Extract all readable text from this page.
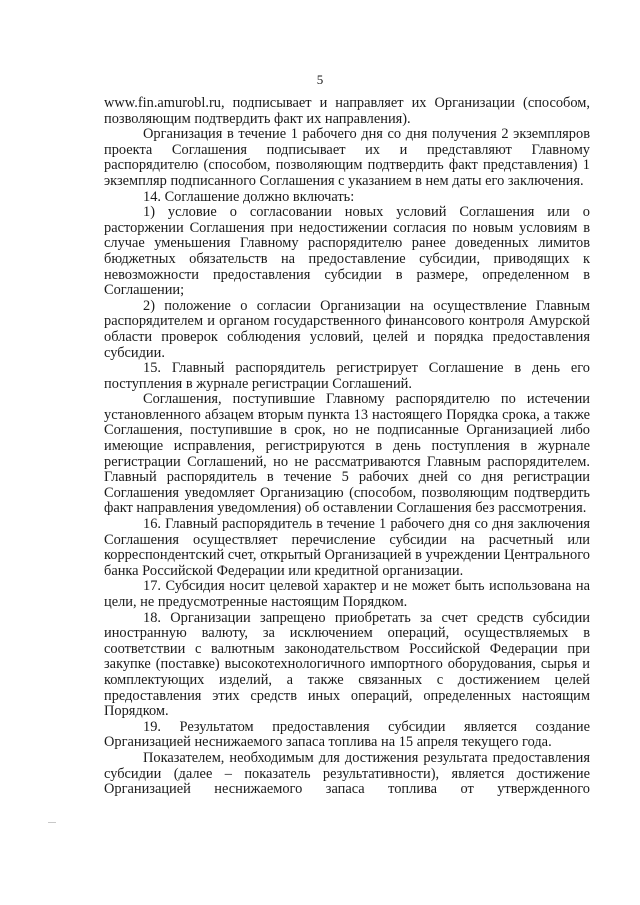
5

www.fin.amurobl.ru, подписывает и направляет их Организации (способом, позволяющим подтвердить факт их направления).

Организация в течение 1 рабочего дня со дня получения 2 экземпляров проекта Соглашения подписывает их и представляют Главному распорядителю (способом, позволяющим подтвердить факт представления) 1 экземпляр подписанного Соглашения с указанием в нем даты его заключения.

14. Соглашение должно включать:

1) условие о согласовании новых условий Соглашения или о расторжении Соглашения при недостижении согласия по новым условиям в случае уменьшения Главному распорядителю ранее доведенных лимитов бюджетных обязательств на предоставление субсидии, приводящих к невозможности предоставления субсидии в размере, определенном в Соглашении;

2) положение о согласии Организации на осуществление Главным распорядителем и органом государственного финансового контроля Амурской области проверок соблюдения условий, целей и порядка предоставления субсидии.

15. Главный распорядитель регистрирует Соглашение в день его поступления в журнале регистрации Соглашений.

Соглашения, поступившие Главному распорядителю по истечении установленного абзацем вторым пункта 13 настоящего Порядка срока, а также Соглашения, поступившие в срок, но не подписанные Организацией либо имеющие исправления, регистрируются в день поступления в журнале регистрации Соглашений, но не рассматриваются Главным распорядителем. Главный распорядитель в течение 5 рабочих дней со дня регистрации Соглашения уведомляет Организацию (способом, позволяющим подтвердить факт направления уведомления) об оставлении Соглашения без рассмотрения.

16. Главный распорядитель в течение 1 рабочего дня со дня заключения Соглашения осуществляет перечисление субсидии на расчетный или корреспондентский счет, открытый Организацией в учреждении Центрального банка Российской Федерации или кредитной организации.

17. Субсидия носит целевой характер и не может быть использована на цели, не предусмотренные настоящим Порядком.

18. Организации запрещено приобретать за счет средств субсидии иностранную валюту, за исключением операций, осуществляемых в соответствии с валютным законодательством Российской Федерации при закупке (поставке) высокотехнологичного импортного оборудования, сырья и комплектующих изделий, а также связанных с достижением целей предоставления этих средств иных операций, определенных настоящим Порядком.

19. Результатом предоставления субсидии является создание Организацией неснижаемого запаса топлива на 15 апреля текущего года.

Показателем, необходимым для достижения результата предоставления субсидии (далее – показатель результативности), является достижение Организацией неснижаемого запаса топлива от утвержденного
